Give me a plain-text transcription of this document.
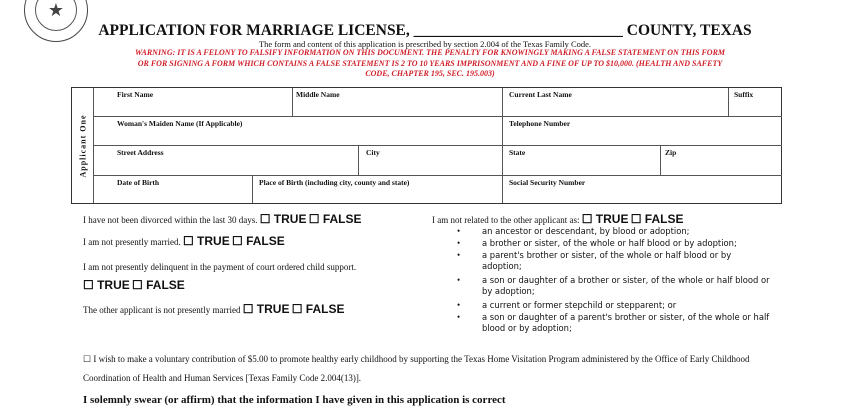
★
APPLICATION FOR MARRIAGE LICENSE, ___________________________ COUNTY, TEXAS
The form and content of this application is prescribed by section 2.004 of the Texas Family Code.
WARNING: IT IS A FELONY TO FALSIFY INFORMATION ON THIS DOCUMENT. THE PENALTY FOR KNOWINGLY MAKING A FALSE STATEMENT ON THIS FORM OR FOR SIGNING A FORM WHICH CONTAINS A FALSE STATEMENT IS 2 TO 10 YEARS IMPRISONMENT AND A FINE OF UP TO $10,000. (HEALTH AND SAFETY CODE, CHAPTER 195, SEC. 195.003)
Applicant One
First Name	Middle Name	Current Last Name	Suffix
Woman's Maiden Name (If Applicable)	Telephone Number
Street Address	City	State	Zip
Date of Birth	Place of Birth (including city, county and state)	Social Security Number
I have not been divorced within the last 30 days. ☐ TRUE ☐ FALSE
I am not presently married. ☐ TRUE ☐ FALSE
I am not presently delinquent in the payment of court ordered child support.
☐ TRUE ☐ FALSE
The other applicant is not presently married ☐ TRUE ☐ FALSE
I am not related to the other applicant as: ☐ TRUE ☐ FALSE
•	an ancestor or descendant, by blood or adoption;
•	a brother or sister, of the whole or half blood or by adoption;
•	a parent's brother or sister, of the whole or half blood or by adoption;
•	a son or daughter of a brother or sister, of the whole or half blood or by adoption;
•	a current or former stepchild or stepparent; or
•	a son or daughter of a parent's brother or sister, of the whole or half blood or by adoption;
☐ I wish to make a voluntary contribution of $5.00 to promote healthy early childhood by supporting the Texas Home Visitation Program administered by the Office of Early Childhood Coordination of Health and Human Services [Texas Family Code 2.004(13)].
I solemnly swear (or affirm) that the information I have given in this application is correct
